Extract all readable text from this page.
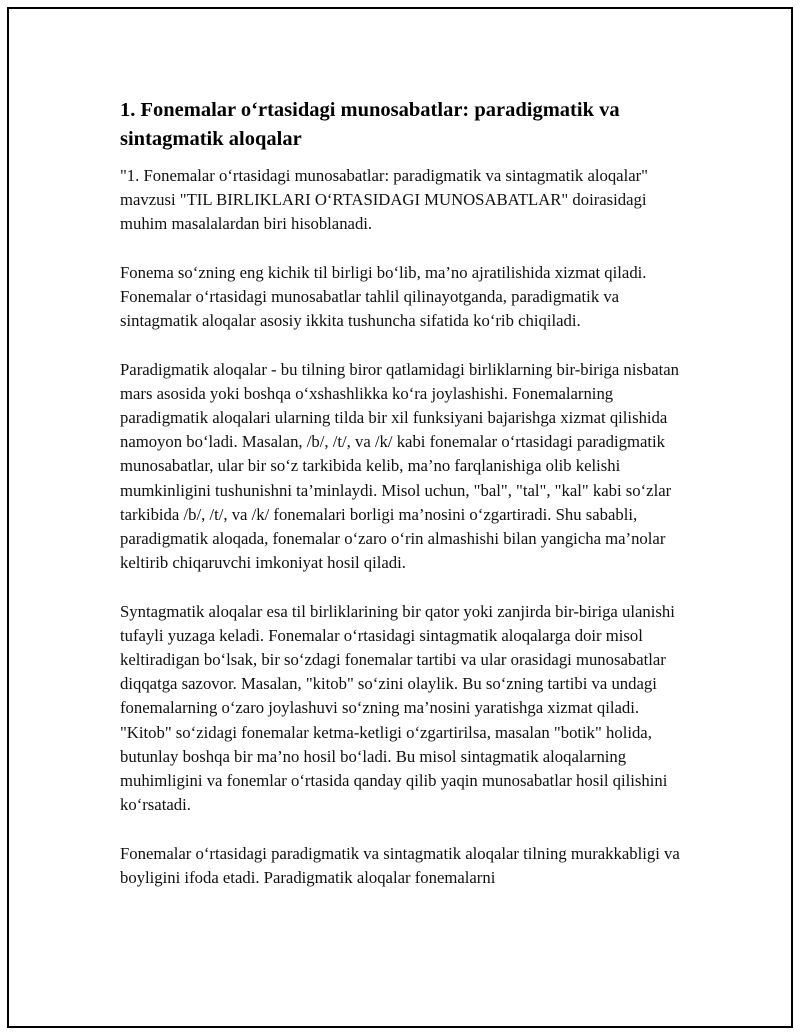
1. Fonemalar o‘rtasidagi munosabatlar: paradigmatik va sintagmatik aloqalar

"1. Fonemalar o‘rtasidagi munosabatlar: paradigmatik va sintagmatik aloqalar" mavzusi "TIL BIRLIKLARI O‘RTASIDAGI MUNOSABATLAR" doirasidagi muhim masalalardan biri hisoblanadi.

Fonema so‘zning eng kichik til birligi bo‘lib, ma’no ajratilishida xizmat qiladi. Fonemalar o‘rtasidagi munosabatlar tahlil qilinayotganda, paradigmatik va sintagmatik aloqalar asosiy ikkita tushuncha sifatida ko‘rib chiqiladi.

Paradigmatik aloqalar - bu tilning biror qatlamidagi birliklarning bir-biriga nisbatan mars asosida yoki boshqa o‘xshashlikka ko‘ra joylashishi. Fonemalarning paradigmatik aloqalari ularning tilda bir xil funksiyani bajarishga xizmat qilishida namoyon bo‘ladi. Masalan, /b/, /t/, va /k/ kabi fonemalar o‘rtasidagi paradigmatik munosabatlar, ular bir so‘z tarkibida kelib, ma’no farqlanishiga olib kelishi mumkinligini tushunishni ta’minlaydi. Misol uchun, "bal", "tal", "kal" kabi so‘zlar tarkibida /b/, /t/, va /k/ fonemalari borligi ma’nosini o‘zgartiradi. Shu sababli, paradigmatik aloqada, fonemalar o‘zaro o‘rin almashishi bilan yangicha ma’nolar keltirib chiqaruvchi imkoniyat hosil qiladi.

Syntagmatik aloqalar esa til birliklarining bir qator yoki zanjirda bir-biriga ulanishi tufayli yuzaga keladi. Fonemalar o‘rtasidagi sintagmatik aloqalarga doir misol keltiradigan bo‘lsak, bir so‘zdagi fonemalar tartibi va ular orasidagi munosabatlar diqqatga sazovor. Masalan, "kitob" so‘zini olaylik. Bu so‘zning tartibi va undagi fonemalarning o‘zaro joylashuvi so‘zning ma’nosini yaratishga xizmat qiladi. "Kitob" so‘zidagi fonemalar ketma-ketligi o‘zgartirilsa, masalan "botik" holida, butunlay boshqa bir ma’no hosil bo‘ladi. Bu misol sintagmatik aloqalarning muhimligini va fonemlar o‘rtasida qanday qilib yaqin munosabatlar hosil qilishini ko‘rsatadi.

Fonemalar o‘rtasidagi paradigmatik va sintagmatik aloqalar tilning murakkabligi va boyligini ifoda etadi. Paradigmatik aloqalar fonemalarni
